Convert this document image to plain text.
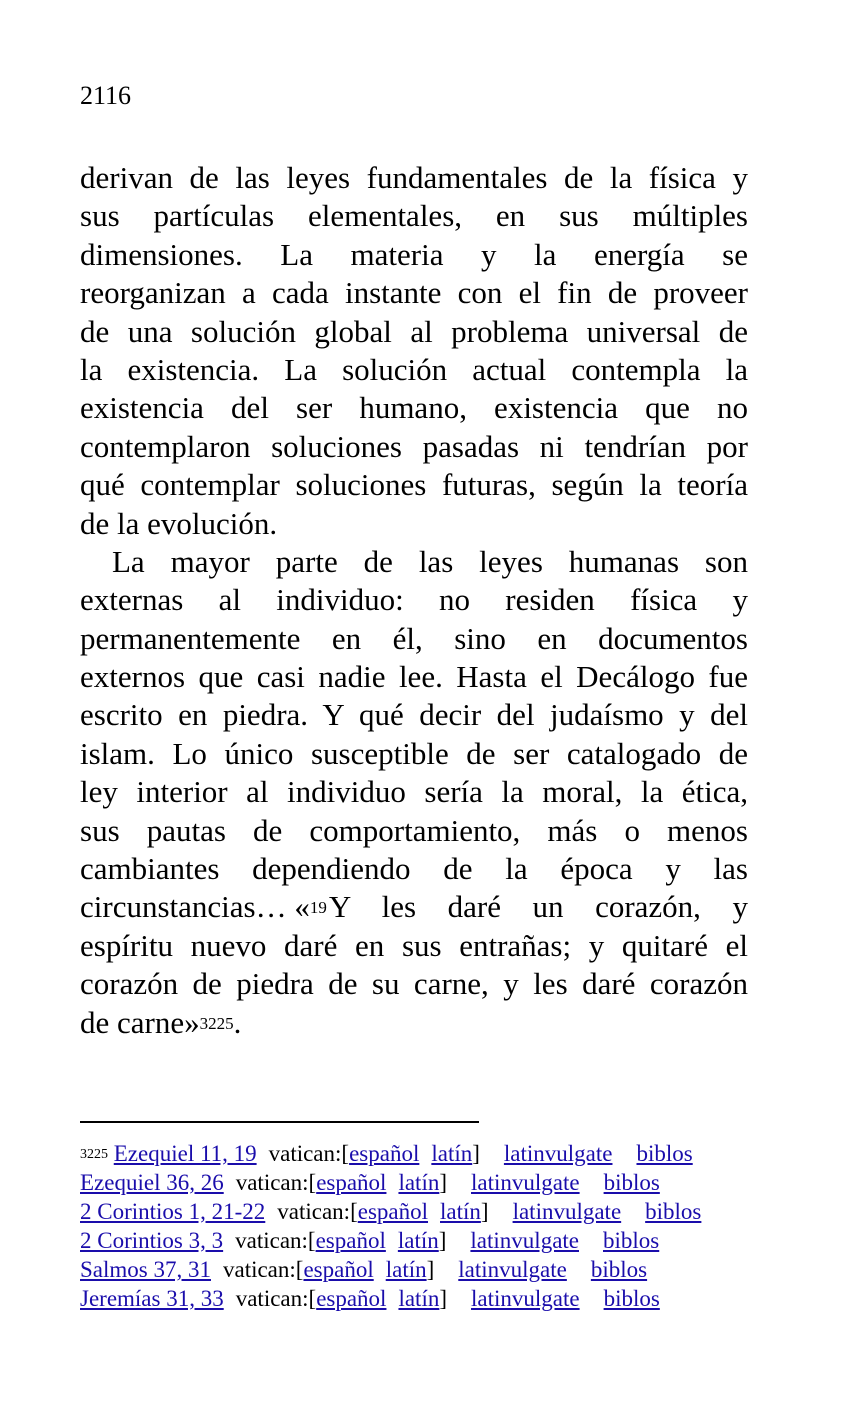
2116
derivan de las leyes fundamentales de la física y
sus partículas elementales, en sus múltiples
dimensiones. La materia y la energía se
reorganizan a cada instante con el fin de proveer
de una solución global al problema universal de
la existencia. La solución actual contempla la
existencia del ser humano, existencia que no
contemplaron soluciones pasadas ni tendrían por
qué contemplar soluciones futuras, según la teoría
de la evolución.
La mayor parte de las leyes humanas son
externas al individuo: no residen física y
permanentemente en él, sino en documentos
externos que casi nadie lee. Hasta el Decálogo fue
escrito en piedra. Y qué decir del judaísmo y del
islam. Lo único susceptible de ser catalogado de
ley interior al individuo sería la moral, la ética,
sus pautas de comportamiento, más o menos
cambiantes dependiendo de la época y las
circunstancias… «$^{19}$ Y les daré un corazón, y
espíritu nuevo daré en sus entrañas; y quitaré el
corazón de piedra de su carne, y les daré corazón
de carne»$^{3225}$.
$^{3225}$ Ezequiel 11, 19 vatican:[español latín] latinvulgate biblos
Ezequiel 36, 26 vatican:[español latín] latinvulgate biblos
2 Corintios 1, 21-22 vatican:[español latín] latinvulgate biblos
2 Corintios 3, 3 vatican:[español latín] latinvulgate biblos
Salmos 37, 31 vatican:[español latín] latinvulgate biblos
Jeremías 31, 33 vatican:[español latín] latinvulgate biblos
